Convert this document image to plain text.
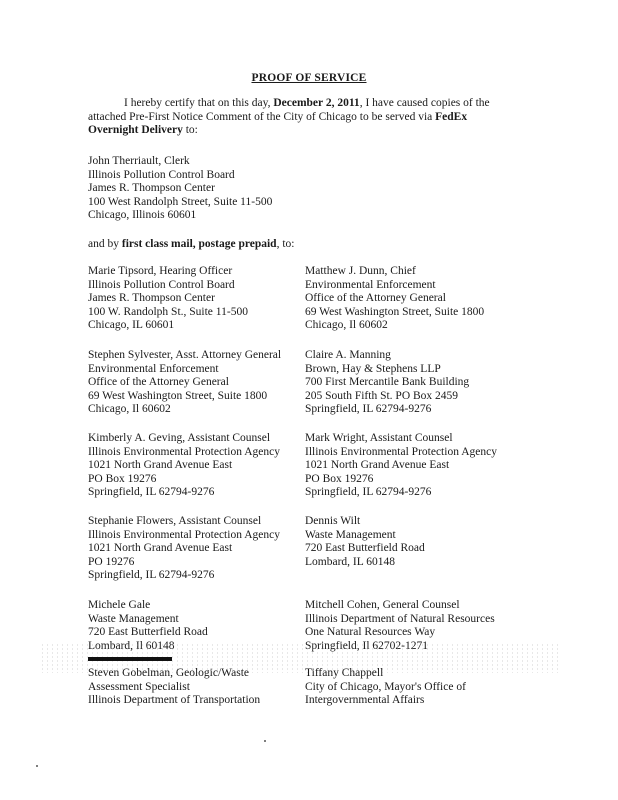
PROOF OF SERVICE

I hereby certify that on this day, December 2, 2011, I have caused copies of the

attached Pre-First Notice Comment of the City of Chicago to be served via FedEx

Overnight Delivery to:

John Therriault, Clerk
Illinois Pollution Control Board
James R. Thompson Center
100 West Randolph Street, Suite 11-500
Chicago, Illinois 60601
and by first class mail, postage prepaid, to:
Marie Tipsord, Hearing Officer
Illinois Pollution Control Board
James R. Thompson Center
100 W. Randolph St., Suite 11-500
Chicago, IL 60601
Matthew J. Dunn, Chief
Environmental Enforcement
Office of the Attorney General
69 West Washington Street, Suite 1800
Chicago, Il 60602
Stephen Sylvester, Asst. Attorney General
Environmental Enforcement
Office of the Attorney General
69 West Washington Street, Suite 1800
Chicago, Il 60602
Claire A. Manning
Brown, Hay & Stephens LLP
700 First Mercantile Bank Building
205 South Fifth St. PO Box 2459
Springfield, IL 62794-9276
Kimberly A. Geving, Assistant Counsel
Illinois Environmental Protection Agency
1021 North Grand Avenue East
PO Box 19276
Springfield, IL 62794-9276
Mark Wright, Assistant Counsel
Illinois Environmental Protection Agency
1021 North Grand Avenue East
PO Box 19276
Springfield, IL 62794-9276
Stephanie Flowers, Assistant Counsel
Illinois Environmental Protection Agency
1021 North Grand Avenue East
PO 19276
Springfield, IL 62794-9276
Dennis Wilt
Waste Management
720 East Butterfield Road
Lombard, IL 60148
Michele Gale
Waste Management
720 East Butterfield Road
Lombard, Il 60148
Mitchell Cohen, General Counsel
Illinois Department of Natural Resources
One Natural Resources Way
Springfield, Il 62702-1271
Steven Gobelman, Geologic/Waste
Assessment Specialist
Illinois Department of Transportation
Tiffany Chappell
City of Chicago, Mayor's Office of
Intergovernmental Affairs
